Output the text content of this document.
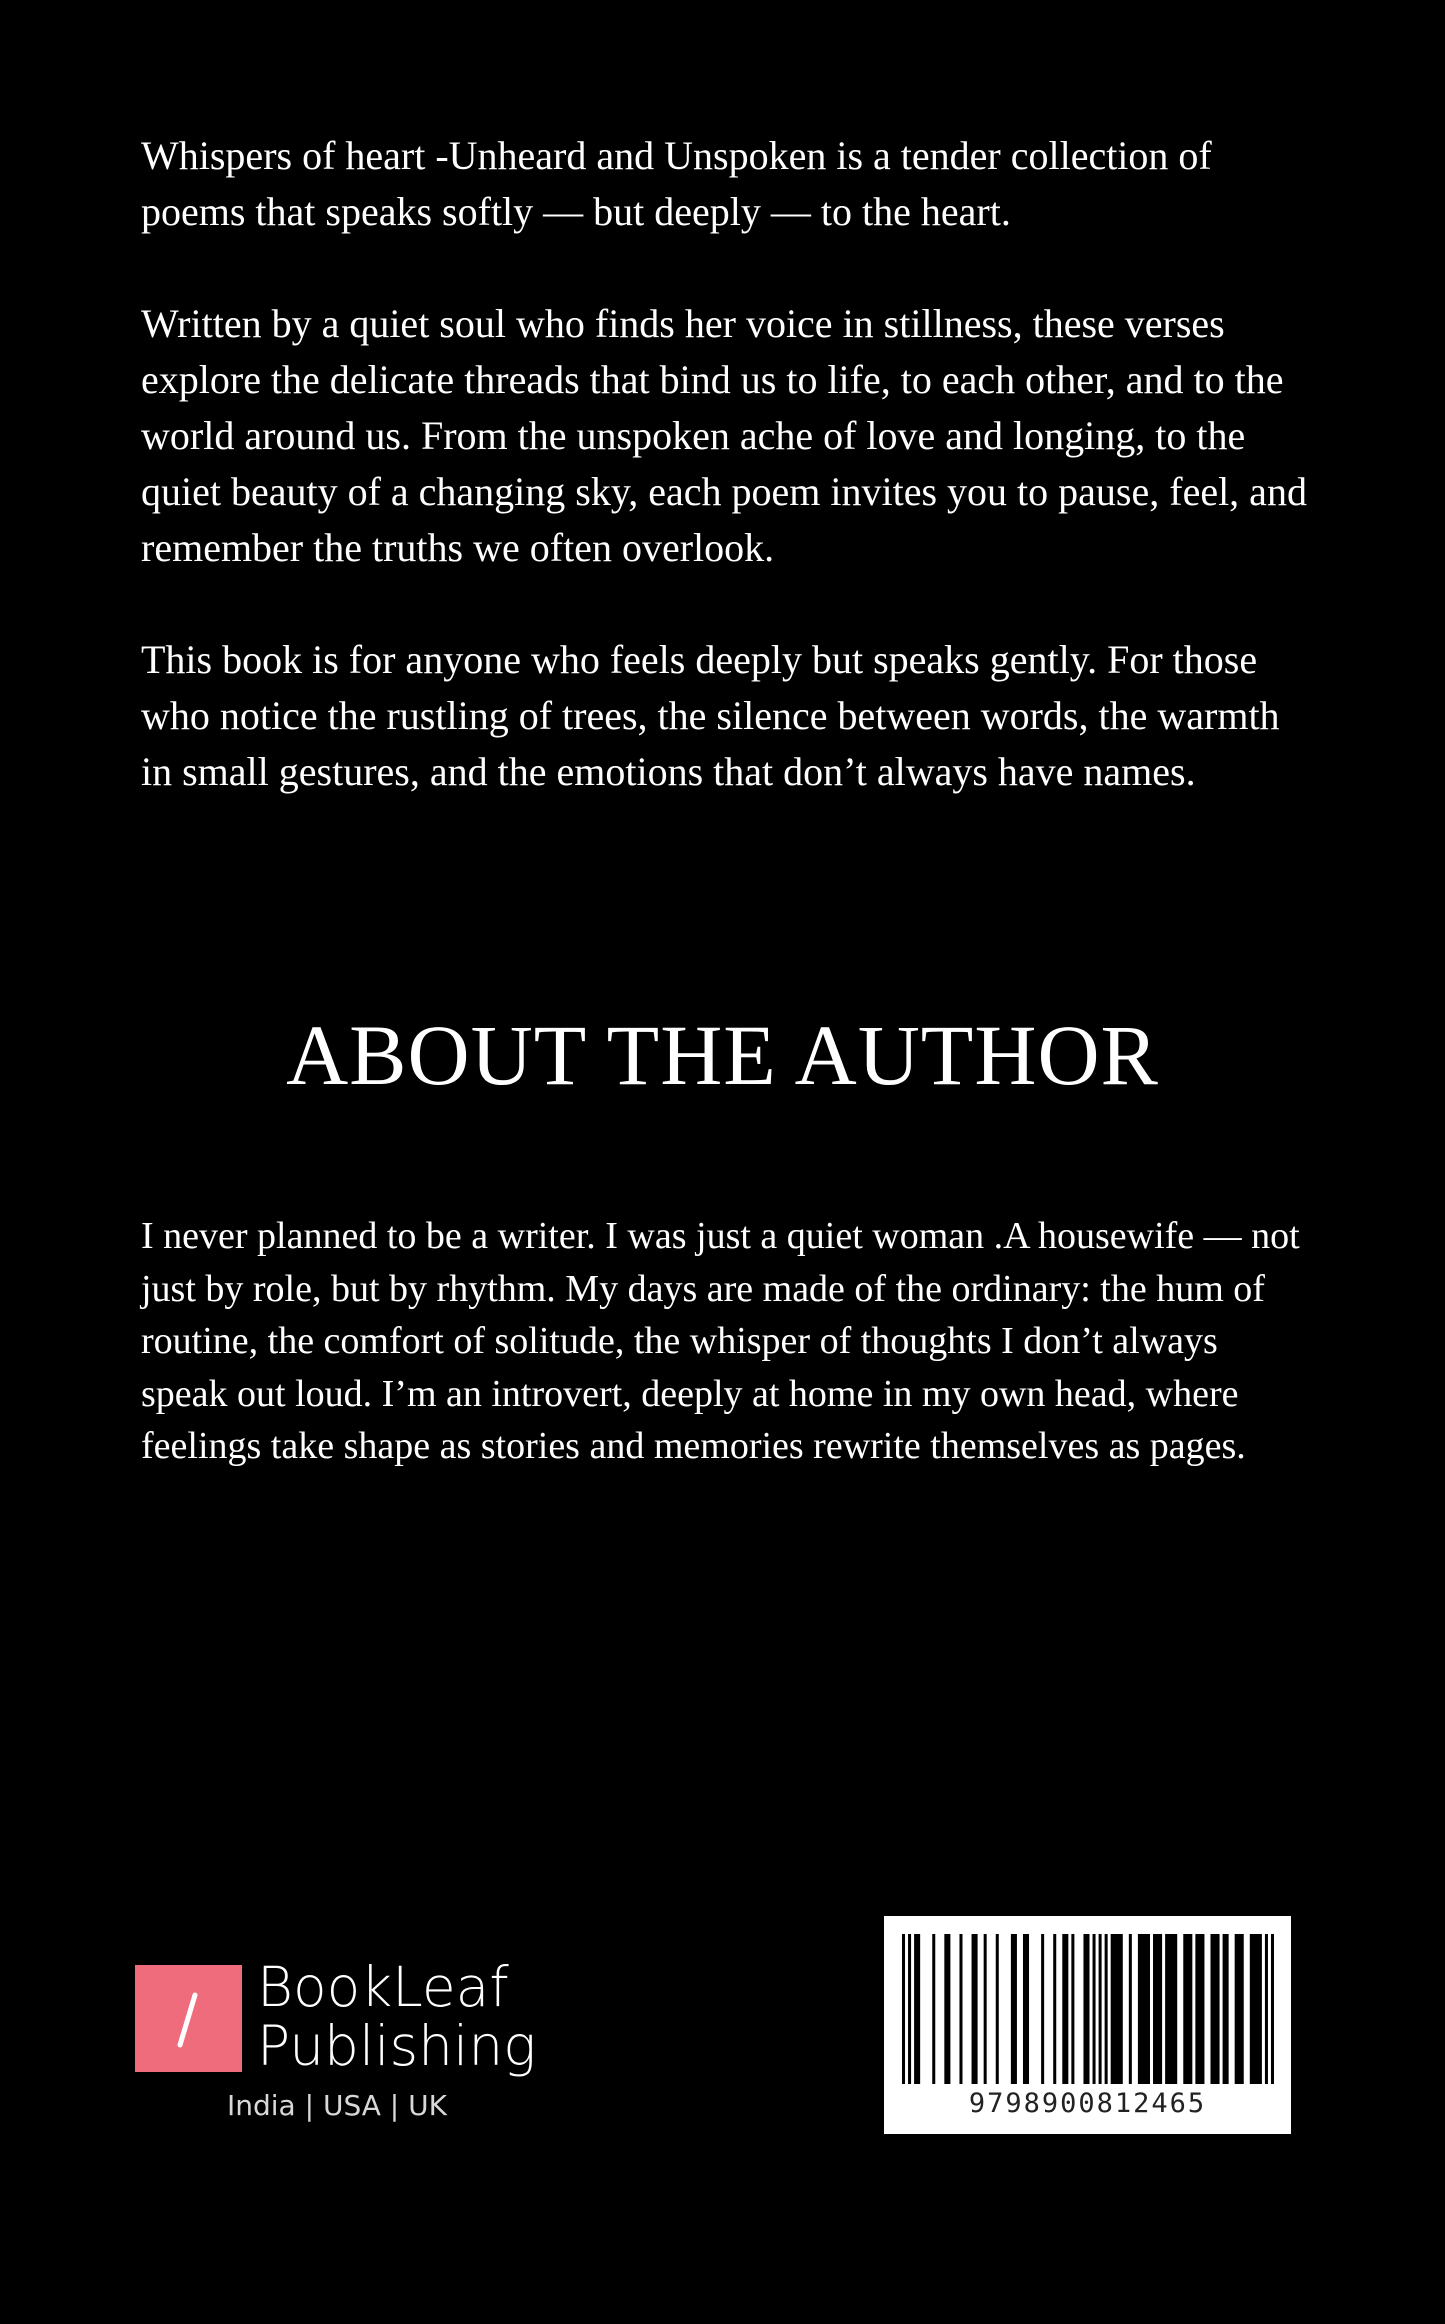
Whispers of heart -Unheard and Unspoken is a tender collection of poems that speaks softly — but deeply — to the heart.

Written by a quiet soul who finds her voice in stillness, these verses explore the delicate threads that bind us to life, to each other, and to the world around us. From the unspoken ache of love and longing, to the quiet beauty of a changing sky, each poem invites you to pause, feel, and remember the truths we often overlook.

This book is for anyone who feels deeply but speaks gently. For those who notice the rustling of trees, the silence between words, the warmth in small gestures, and the emotions that don’t always have names.

ABOUT THE AUTHOR

I never planned to be a writer. I was just a quiet woman .A housewife — not just by role, but by rhythm. My days are made of the ordinary: the hum of routine, the comfort of solitude, the whisper of thoughts I don’t always speak out loud. I’m an introvert, deeply at home in my own head, where feelings take shape as stories and memories rewrite themselves as pages.

BookLeaf
Publishing
India | USA | UK	9798900812465
